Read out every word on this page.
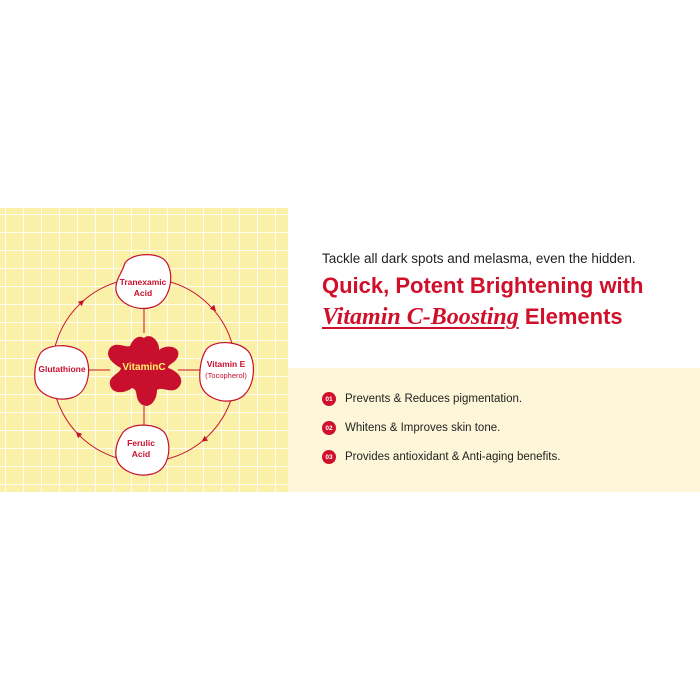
Tranexamic
Acid
Vitamin E

(Tocopherol)
Ferulic
Acid
Glutathione	VitaminC
Tackle all dark spots and melasma, even the hidden.
Quick, Potent Brightening with
Vitamin C-Boosting Elements
01 Prevents & Reduces pigmentation.
02 Whitens & Improves skin tone.
03 Provides antioxidant & Anti-aging benefits.
